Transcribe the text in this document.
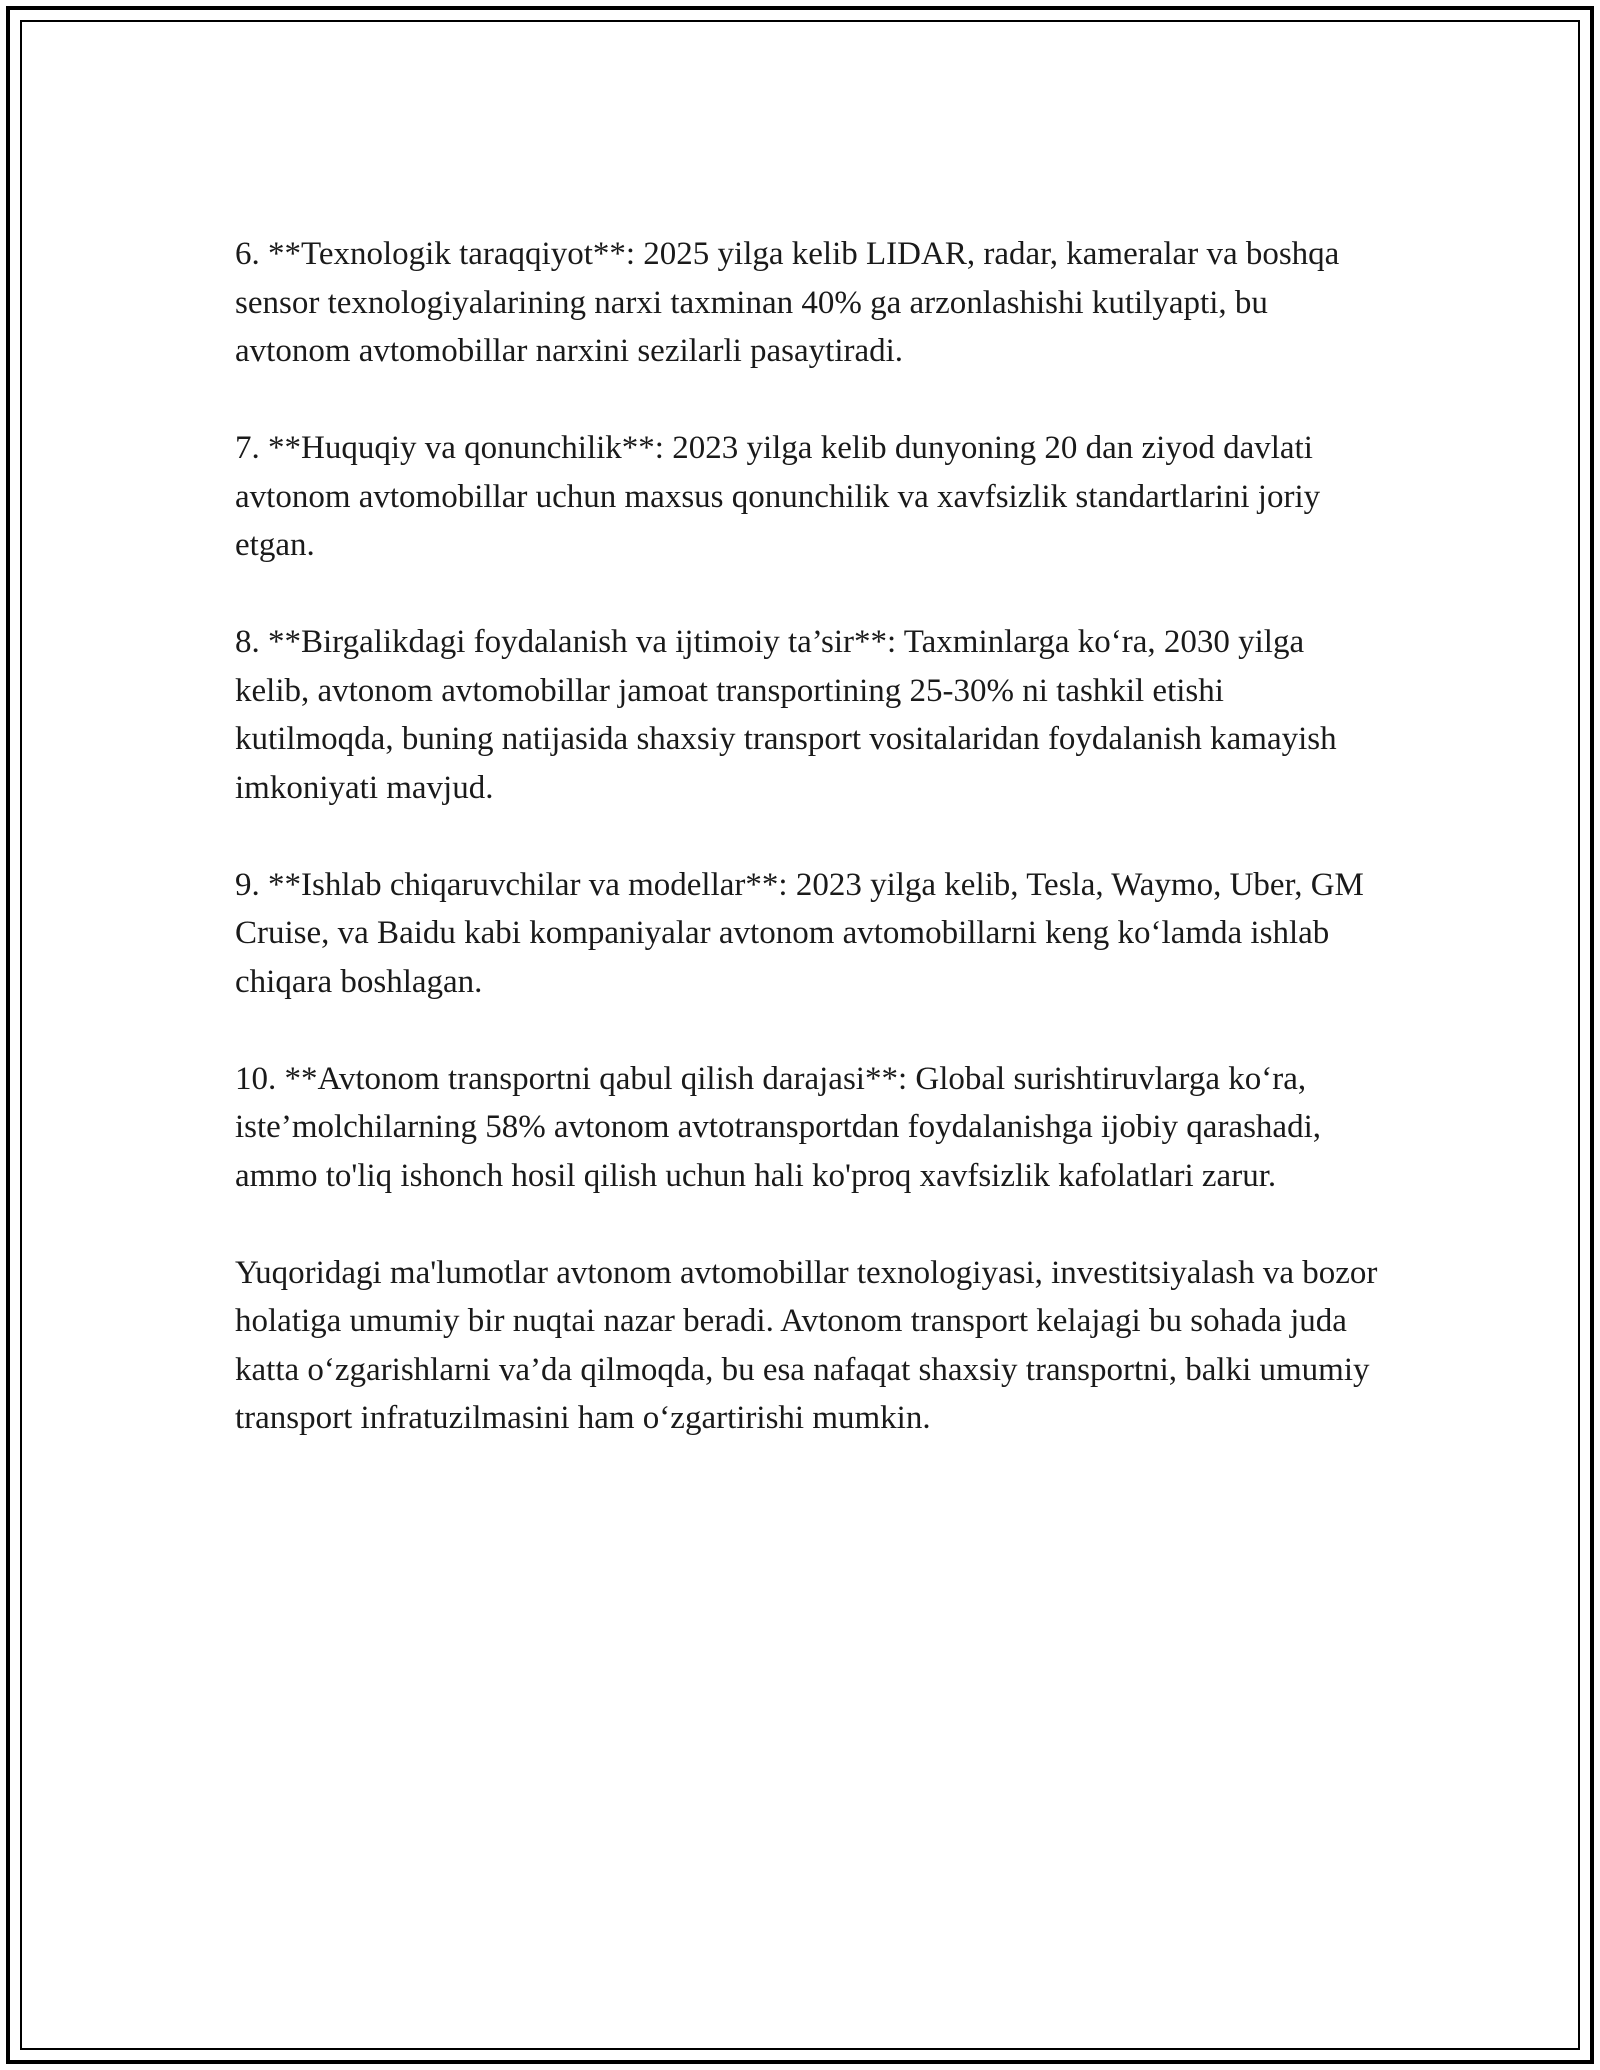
6. **Texnologik taraqqiyot**: 2025 yilga kelib LIDAR, radar, kameralar va boshqa sensor texnologiyalarining narxi taxminan 40% ga arzonlashishi kutilyapti, bu avtonom avtomobillar narxini sezilarli pasaytiradi.

7. **Huquqiy va qonunchilik**: 2023 yilga kelib dunyoning 20 dan ziyod davlati avtonom avtomobillar uchun maxsus qonunchilik va xavfsizlik standartlarini joriy etgan.

8. **Birgalikdagi foydalanish va ijtimoiy ta’sir**: Taxminlarga ko‘ra, 2030 yilga kelib, avtonom avtomobillar jamoat transportining 25-30% ni tashkil etishi kutilmoqda, buning natijasida shaxsiy transport vositalaridan foydalanish kamayish imkoniyati mavjud.

9. **Ishlab chiqaruvchilar va modellar**: 2023 yilga kelib, Tesla, Waymo, Uber, GM Cruise, va Baidu kabi kompaniyalar avtonom avtomobillarni keng ko‘lamda ishlab chiqara boshlagan.

10. **Avtonom transportni qabul qilish darajasi**: Global surishtiruvlarga ko‘ra, iste’molchilarning 58% avtonom avtotransportdan foydalanishga ijobiy qarashadi, ammo to'liq ishonch hosil qilish uchun hali ko'proq xavfsizlik kafolatlari zarur.

Yuqoridagi ma'lumotlar avtonom avtomobillar texnologiyasi, investitsiyalash va bozor holatiga umumiy bir nuqtai nazar beradi. Avtonom transport kelajagi bu sohada juda katta o‘zgarishlarni va’da qilmoqda, bu esa nafaqat shaxsiy transportni, balki umumiy transport infratuzilmasini ham o‘zgartirishi mumkin.
